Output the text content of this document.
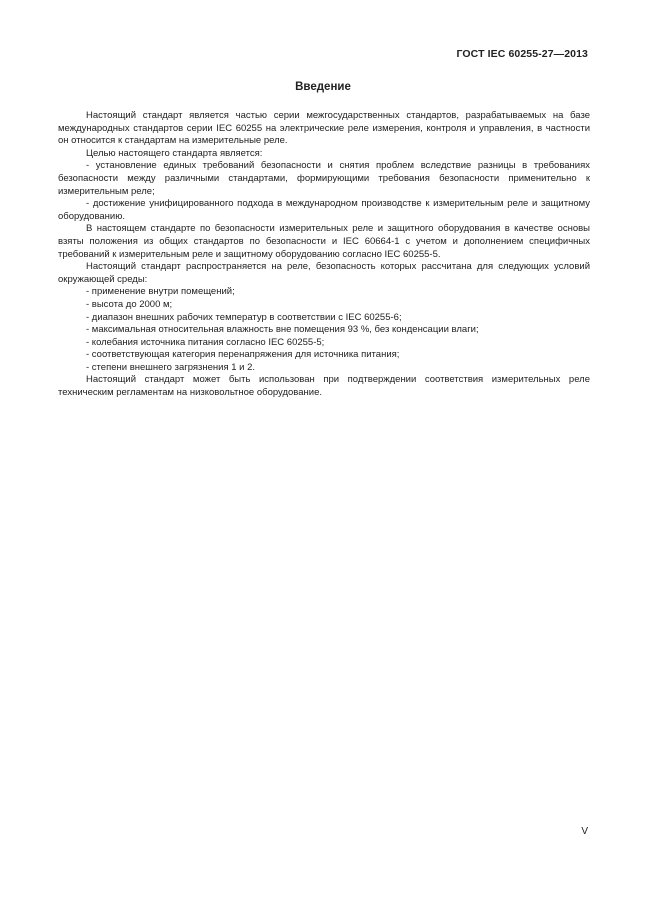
ГОСТ IEC 60255-27—2013
Введение

Настоящий стандарт является частью серии межгосударственных стандартов, разрабатываемых на базе международных стандартов серии IEC 60255 на электрические реле измерения, контроля и управления, в частности он относится к стандартам на измерительные реле.

Целью настоящего стандарта является:

- установление единых требований безопасности и снятия проблем вследствие разницы в требованиях безопасности между различными стандартами, формирующими требования безопасности применительно к измерительным реле;

- достижение унифицированного подхода в международном производстве к измерительным реле и защитному оборудованию.

В настоящем стандарте по безопасности измерительных реле и защитного оборудования в качестве основы взяты положения из общих стандартов по безопасности и IEC 60664-1 с учетом и дополнением специфичных требований к измерительным реле и защитному оборудованию согласно IEC 60255-5.

Настоящий стандарт распространяется на реле, безопасность которых рассчитана для следующих условий окружающей среды:

- применение внутри помещений;

- высота до 2000 м;

- диапазон внешних рабочих температур в соответствии с IEC 60255-6;

- максимальная относительная влажность вне помещения 93 %, без конденсации влаги;

- колебания источника питания согласно IEC 60255-5;

- соответствующая категория перенапряжения для источника питания;

- степени внешнего загрязнения 1 и 2.

Настоящий стандарт может быть использован при подтверждении соответствия измерительных реле техническим регламентам на низковольтное оборудование.

V
